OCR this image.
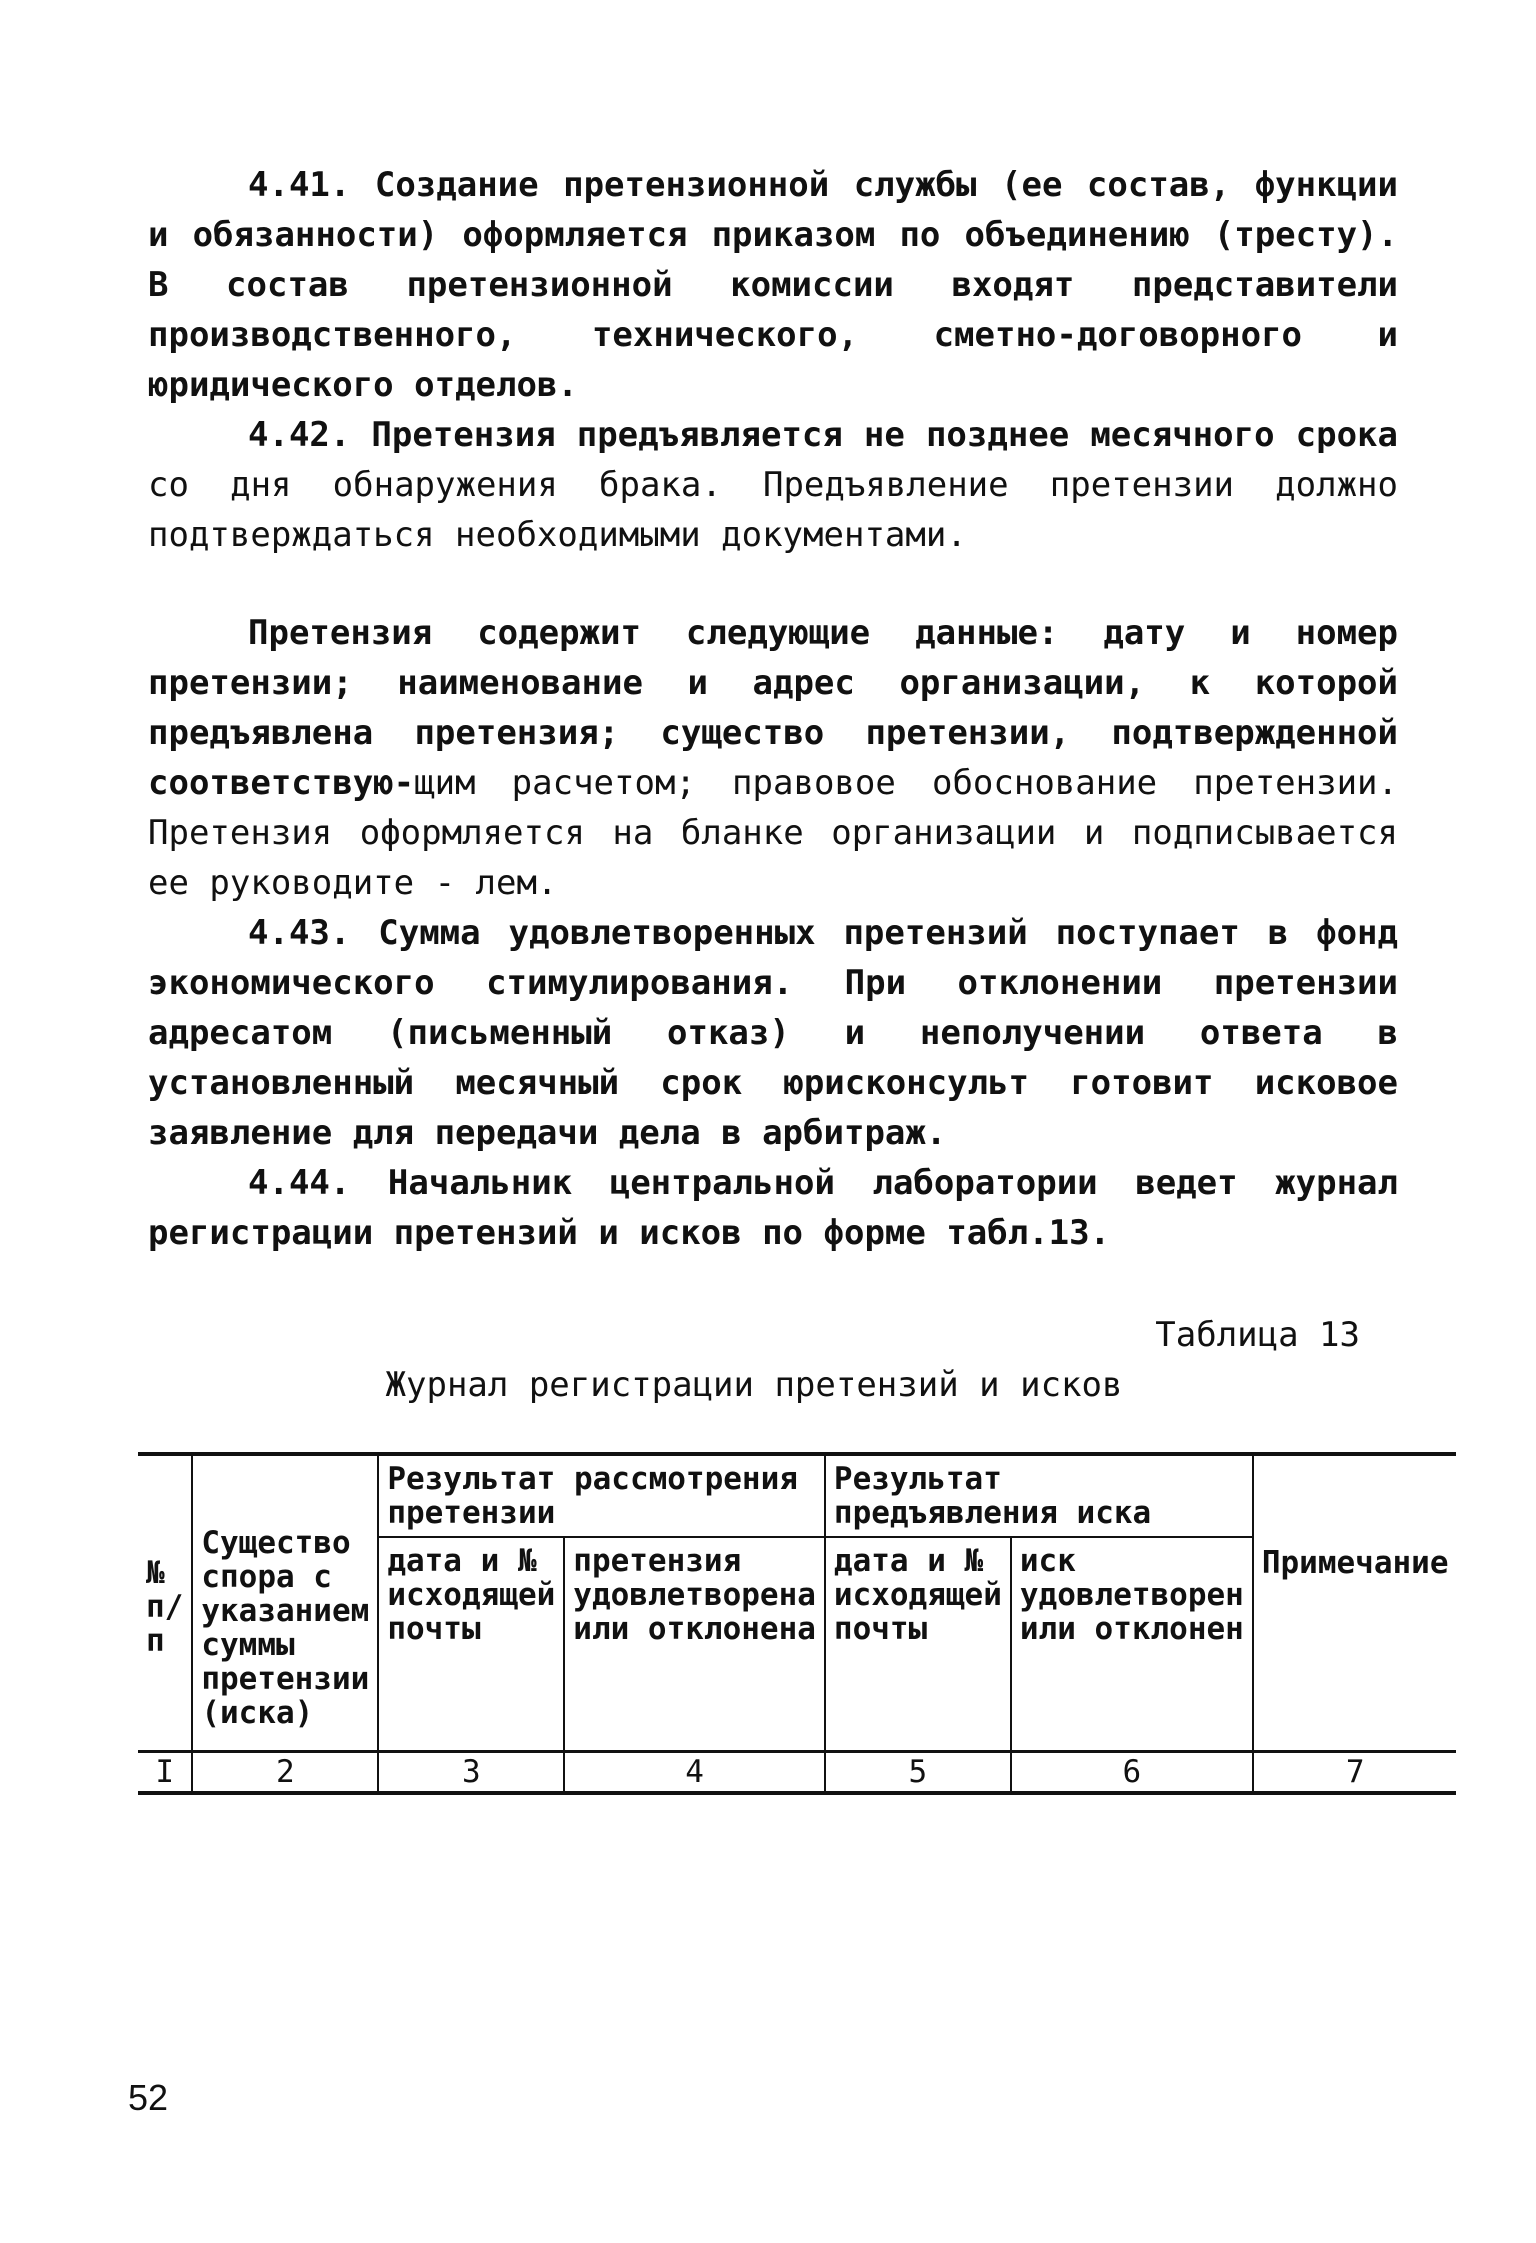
4.41. Создание претензионной службы (ее состав, функции и обязанности) оформляется приказом по объединению (тресту). В состав претензионной комиссии входят представители производственного, технического, сметно-договорного и юридического отделов.

4.42. Претензия предъявляется не позднее месячного срока со дня обнаружения брака. Предъявление претензии должно подтверждаться необходимыми документами.

Претензия содержит следующие данные: дату и номер претензии; наименование и адрес организации, к которой предъявлена претензия; существо претензии, подтвержденной соответствую-щим расчетом; правовое обоснование претензии. Претензия оформляется на бланке организации и подписывается ее руководите - лем.

4.43. Сумма удовлетворенных претензий поступает в фонд экономического стимулирования. При отклонении претензии адресатом (письменный отказ) и неполучении ответа в установленный месячный срок юрисконсульт готовит исковое заявление для передачи дела в арбитраж.

4.44. Начальник центральной лаборатории ведет журнал регистрации претензий и исков по форме табл.13.

Таблица 13
Журнал регистрации претензий и исков
№
п/п	Существо спора с указанием суммы претензии (иска)	Результат рассмотрения претензии		Результат предъявления иска		Примечание
		дата и № исходящей почты	претензия удовлетворена или отклонена	дата и № исходящей почты	иск удовлетворен или отклонен	
I	2	3	4	5	6	7
52
